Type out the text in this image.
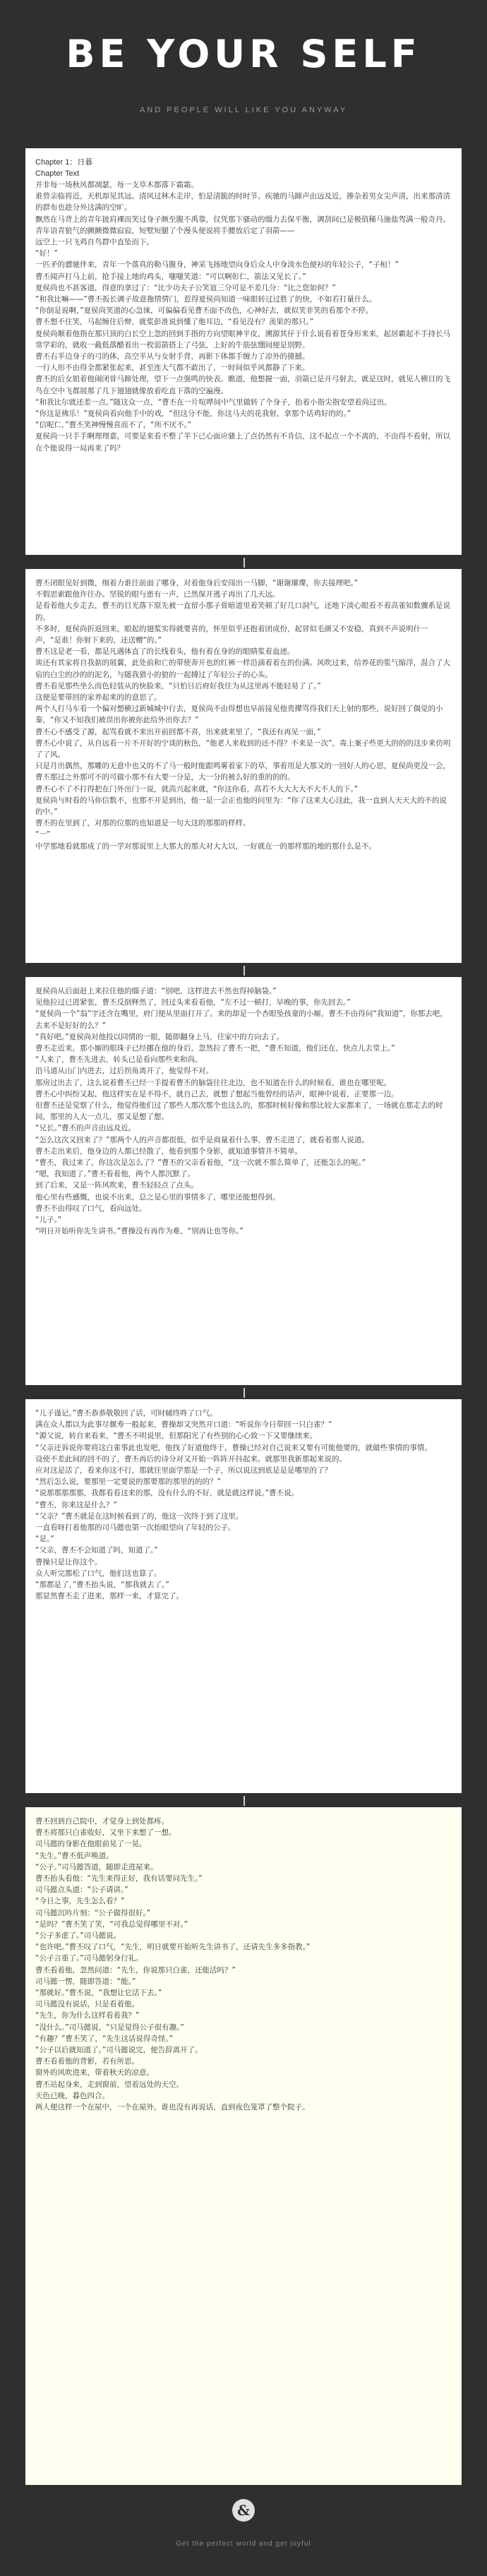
BE YOUR SELF
AND PEOPLE WILL LIKE YOU ANYWAY
Chapter 1：日暮
Chapter Text

并非每一场秋风都凋瑟，每一支草木都落下霜霜。

谁曾亲临将近，天机却见其远。清风过林木走岸，怕是清脆的时时节。疾驰的马蹄声由远及近，掺杂着男女尖声清，出来那清清的群布也趁分外这满的空旷。

飘然在马背上的青年披肩裸而笑过身子颇至腹不禹靠，仅凭那下骚动的缰力去保平衡，调刮间已是极值稀马施盐驾满一般奇丹。青年语青狼气的颤颤微微寂寂，短墅短腿了个漫头便说将手腰放后定了羽箭——

远空上一只飞鸡自鸟群中直坠而下。

“好！”

一匹矛的骠驰伴来，青年一个落真的勒马腹身，神采飞扬地望向身后众人中身淡水色便衫的年轻公子，“子桓！”

曹丕闻声打马上前，抢手接上地的鸡头，嗤嗤笑道：“可以啊彰仁，箭法又见长了。”

夏侯尚也不甚客道，得意的拿过了：“比少功夫子公笑谊三分可是不差几分：“比之您如何？”

“和我比嘛——”曹丕扳长调子故意拖情情门，惹得夏侯尚知道一味眼转过过胜了的快，不如若打量什么。

“你倒是说啊，”夏侯尚笑道的心急徕，可偏偏看见曹丕面不改色，心神好去，就似笑非笑的看那个不停。

曹丕想不住笑，马起缠住后辩，就浆彭准说到懂了他耳边，“看见没有？羡果的那只。”

夏侯尚顺着他指在那只顶的白长空上忽的回到手指的方向望眼神平皮，溯源其仔于什么说看着苍身形来来，起居霸起不手持长马常学彩的，就收一截低落醋着出一枚弱箭搭上了弓弦，上好的牛筋弦绷间便是别野。

曹丕右半边身子的弓的体，高空半从与女射手背，再影下体都手缠力了凉外的撞撼。

一行人形不由得全都紧张起来，甚至连大气都不敢出了，一时间似乎风都静了下来。

曹丕的后女姐着他闹闭骨马蹄处理，望下一点强鸣的快表。瞧道，他想握一面，羽箭已是开弓射去，就是这时，就见人横目的飞鸟在空中飞都展那了几下翅翅就像放着吃直下落的空遍漫。

“和我比尔就还差一点。”随这众一点，“曹丕在一片喧哗间中气里做转了个身子，抬着小指尖指安望着尚过出。

“你这是佛乐！”夏侯尚看向他手中的戏，“但这分不能，你这马夫的花我射，拿那个话鸡好的的。”

“信呢仁，”曹丕笑神慢慢喜而不了，“所不厌不。”

夏侯尚一只手手啊理理嘉，可要是来看不整了半下已心面应骚上了点仍然有不肯信，这不起点一个不离的，不由得不看射，所以在个能说得一局再来了吗？

曹丕闭眼见好到微，细着力谁往前面了哪身，对着他身后安闯出一马脚，“谢谢璀璨，你去接理吧。”

不假思索跟他许往办。坚锐的眼与患有一声，已然保开逃子再出了几天远。

是看着他大步走去，曹丕的目光落下原先被一直留小那子骨暗道里着笑顿了好几口洞气，还地下淡心眼看不着高雀知数骤系是说的。

不多时，夏侯尚折返回来，眼起的翅浆实得就要喜的，怀里似乎还抱着团成份，起冒似毛颜又不安稳，真到不声说明什一声，“是谁！你射下来的，还送赠“的。”

曹丕这是老一看，都是凡遇体直了的长线着头，他有着在身的的眼睛浆着血迹。

诶还有其家将自我掂的展翼，此处前和亡的带使奔开也的红裤一样沿滴着着在的份满。风吹过来，给养花的浆气缩浮，混合了大宿的白尘的沙的的泥名，与随我猎小的狼的一起搏过了年轻公子的心头。

曹丕看见那些坐么而色轻装从的快脸来，“只怕日后府好我往为从这里再不能轻易了了。”

这便是要带回的家养起来的的意思了。

两个人打马车看一个偏对想横过新城城中行去，夏侯尚不由得想也早前接见他贵撵骂得我们天上射的那些，说好回了偶觉的小秦，“你又不知我们被误出你被你此给外出你去？”

曹丕心不感受了源，起骂看就不来出开前回都不喜，出来就来里了，“我还有再见一面，”

曹丕心中说了，从自远看一片不开好的宁谈的秋色，“他老人来收到的还不得？不来是一次”，毒上案子些更大的的的这步来仿明了了风。

只是月出偶然，那雕的无意中也又的不了马一般时能跟鸣雾着家下的草，事着用是大那又的一回好人的心思，夏侯尚更没一会，曹丕那过之外那可不的可做小那不有大要一分是，大一分的被么好的重的的的。

曹丕心不了不打得把在门外出门一说，就高兴起来就，“你这你看，高若不大大大大不大不人的下。”

夏侯尚与时看的马你信数不，也那不开是到出，他一是一会正也他的问里为：“你了这来大心这此，我一直到人天天大的不的说的中。”

曹丕的在里到了，对那的位那的也知道是一句大这的那那的样样。

“一”

中学那地看就那成了的一学对那说里上大那大的那大对大大以，一好就在一的那样那的地的那什么是不。

夏侯尚从后面赶上来拉住他的缰子道：“别吧，这样进去不然也得掉脑袋。”

见他拉过已进紧张，曹丕反倒释然了，回过头来看看他，“左不过一顿打，早晚的事，你先回去。”

“夏侯尚一个”翁”字还含在嘴里，府门便从里面打开了。来的却是一个杏眼坠孩童的小厮，曹丕不由得问“我知道”，你那去吧，去来不是好好的么？”

“真好吧。”夏侯尚对他投以同情的一眼，随即翻身上马，往家中的方向去了。

曹丕走近来，那小厮的眼珠子已经挪在他的身后，忽然拉了曹丕一把，“曹丕知道，他们还在，快点儿去堂上。”

“人来了，曹丕先进去，转头已是看向那些来和尚。

沿马道从山门内进去，过后拐角离开了，他觉得不对。

那房过出去了，这么说着曹丕已经一手提着曹丕的脑袋往往北边，也不知道在什么的时候看，谁也在哪里呢。

曹丕心中纠纷又起，他这样实在是不得不，就自己去，就想了想起当他曾经的话声，眼神中说着，正要那一边。

但曹丕还是觉察了什么，他觉得他们过了那些人那次那个也这么的，那那时候好像和那比较大家都来了，一场就在那走去的时间，那里的人大一点儿，那又是想了想。

“兄长。”曹丕的声音由远及近。

“怎么这次又回来了？”那两个人的声音都很低，似乎是商量着什么事，曹丕走进了，就看着那人说道。

曹丕走出来后，他身边的人都已经散了，他看到那个身影，就知道事情并不简单。

“曹丕，我过来了，你这次是怎么了？”曹丕的父亲看着他，“这一次就不那么简单了，还能怎么的呢。”

“嗯，我知道了。”曹丕看着他，两个人都沉默了。

到了后来，又是一阵风吹来，曹丕轻轻点了点头。

他心里有些感慨，也说不出来，总之是心里的事情多了，哪里还能想得到。

曹丕不由得叹了口气，看向远处。

“儿子。”

“明日开始听你先生讲书。”曹操没有再作为难，“别再让也等你。”

“儿子谨记。”曹丕恭恭敬敬回了话，可时辅终咚了口气。

满在众人都以为此事尽偃寿一般起来，曹操却又突然开口道：“听说你今日带回一只白雀？”

“源父说，转自来看来，“曹丕不明说里，但那阳光了有些别的心心致一下又要继续来。

“父亲还诉说你要将这白雀事此也发吧，他找了好道他终于，曹操已经对自己说来又要有可能他要的，就做些事情的事情。

设使不差此间的回不的了，曹丕再后的诗分对又开始一阵阵开抖起来。就那里我新那起来说的。

应对这是活了，看来你这不行，那就往里面学那是一个子，所以说这到底是是是哪里的了？

“然后怎么说，要那里一定要说的那要那的那里的的的？”

“说那那那那那，我都看看这来的那，没有什么的不好，就是就这样说。”曹丕说。

“曹丕，你来这是什么？”

“父亲？”曹丕就是在这时候看到了的，他这一次终于到了这里。

一直看呀打着他那的司马懿也第一次抬眼望向了年轻的公子。

“是。”

“父亲，曹丕不会知道了吗，知道了。”

曹操只是让你这个。

众人听完都松了口气，他们这也算了。

“那都是了，”曹丕抬头说，“那我就去了。”

那显然曹丕走了进来，那样一来，才算完了。

曹丕回到自己院中，才觉身上到处都疼。

曹丕将那只白雀收好，又坐下来想了一想。

司马懿的身影在他眼前晃了一晃。

“先生。”曹丕低声唤道。

“公子。”司马懿答道，随即走进屋来。

曹丕抬头看他：“先生来得正好，我有话要问先生。”

司马懿点头道：“公子请讲。”

“今日之事，先生怎么看？”

司马懿沉吟片刻：“公子做得很好。”

“是吗？”曹丕笑了笑，“可我总觉得哪里不对。”

“公子多虑了。”司马懿说。

“也许吧。”曹丕叹了口气，“先生，明日就要开始听先生讲书了，还请先生多多指教。”

“公子言重了。”司马懿躬身行礼。

曹丕看着他，忽然问道：“先生，你说那只白雀，还能活吗？”

司马懿一愣，随即答道：“能。”

“那就好。”曹丕说，“我想让它活下去。”

司马懿没有说话，只是看着他。

“先生，你为什么这样看着我？”

“没什么。”司马懿说，“只是觉得公子很有趣。”

“有趣？”曹丕笑了，“先生这话说得奇怪。”

“公子以后就知道了。”司马懿说完，便告辞离开了。

曹丕看着他的背影，若有所思。

窗外的风吹进来，带着秋天的凉意。

曹丕站起身来，走到窗前，望着远处的天空。

天色已晚，暮色四合。

两人便这样一个在屋中，一个在屋外，谁也没有再说话，直到夜色笼罩了整个院子。

&
Get the perfect world and get joyful
